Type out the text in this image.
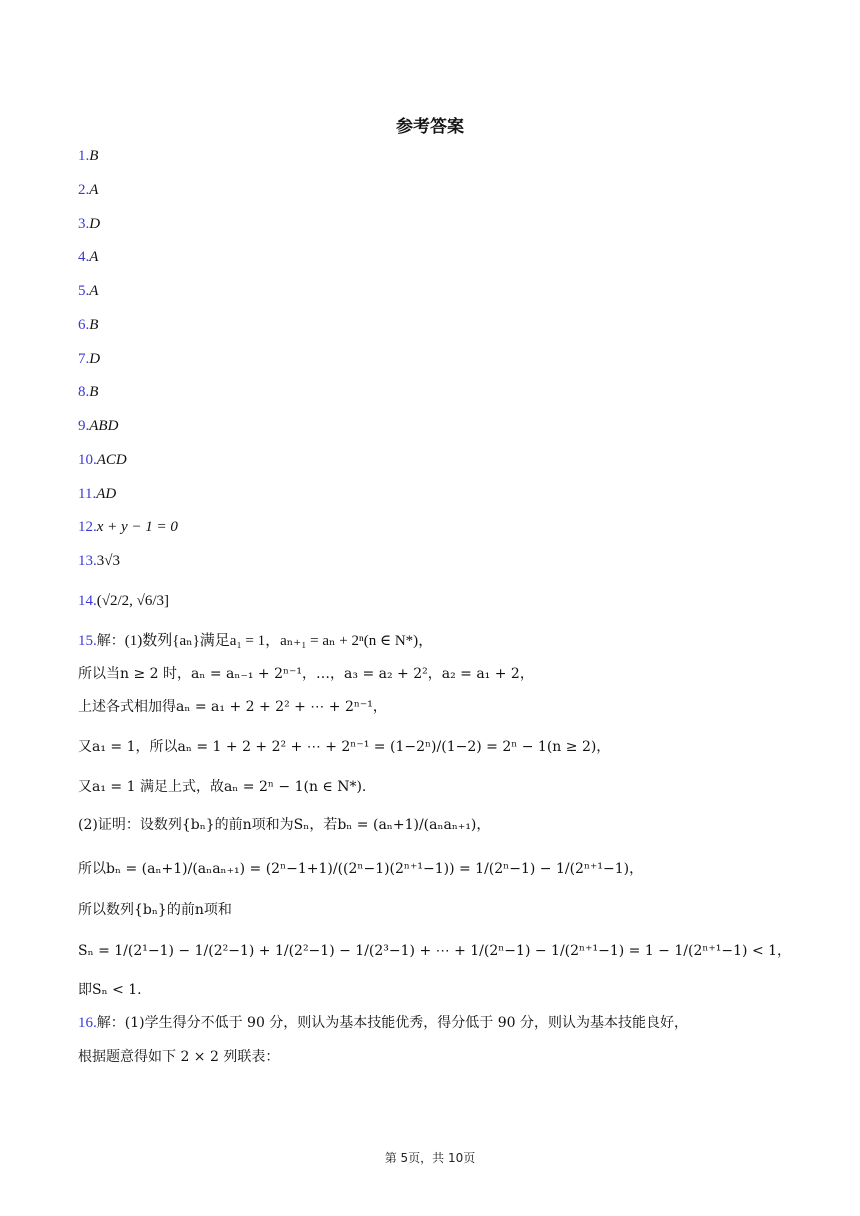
参考答案
1.B
2.A
3.D
4.A
5.A
6.B
7.D
8.B
9.ABD
10.ACD
11.AD
12.x + y − 1 = 0
13.3√3
14.(√2/2, √6/3]
15.解：(1)数列{aₙ}满足a₁ = 1，aₙ₊₁ = aₙ + 2ⁿ(n ∈ N*)，
所以当n ≥ 2 时，aₙ = aₙ₋₁ + 2ⁿ⁻¹，…，a₃ = a₂ + 2²，a₂ = a₁ + 2，
上述各式相加得aₙ = a₁ + 2 + 2² + ⋯ + 2ⁿ⁻¹，
又a₁ = 1，所以aₙ = 1 + 2 + 2² + ⋯ + 2ⁿ⁻¹ = (1−2ⁿ)/(1−2) = 2ⁿ − 1(n ≥ 2)，
又a₁ = 1 满足上式，故aₙ = 2ⁿ − 1(n ∈ N*).
(2)证明：设数列{bₙ}的前n项和为Sₙ，若bₙ = (aₙ+1)/(aₙaₙ₊₁)，
所以bₙ = (aₙ+1)/(aₙaₙ₊₁) = (2ⁿ−1+1)/((2ⁿ−1)(2ⁿ⁺¹−1)) = 1/(2ⁿ−1) − 1/(2ⁿ⁺¹−1)，
所以数列{bₙ}的前n项和
Sₙ = 1/(2¹−1) − 1/(2²−1) + 1/(2²−1) − 1/(2³−1) + ⋯ + 1/(2ⁿ−1) − 1/(2ⁿ⁺¹−1) = 1 − 1/(2ⁿ⁺¹−1) < 1，
即Sₙ < 1.
16.解：(1)学生得分不低于 90 分，则认为基本技能优秀，得分低于 90 分，则认为基本技能良好，
根据题意得如下 2 × 2 列联表：
第 5页，共 10页
